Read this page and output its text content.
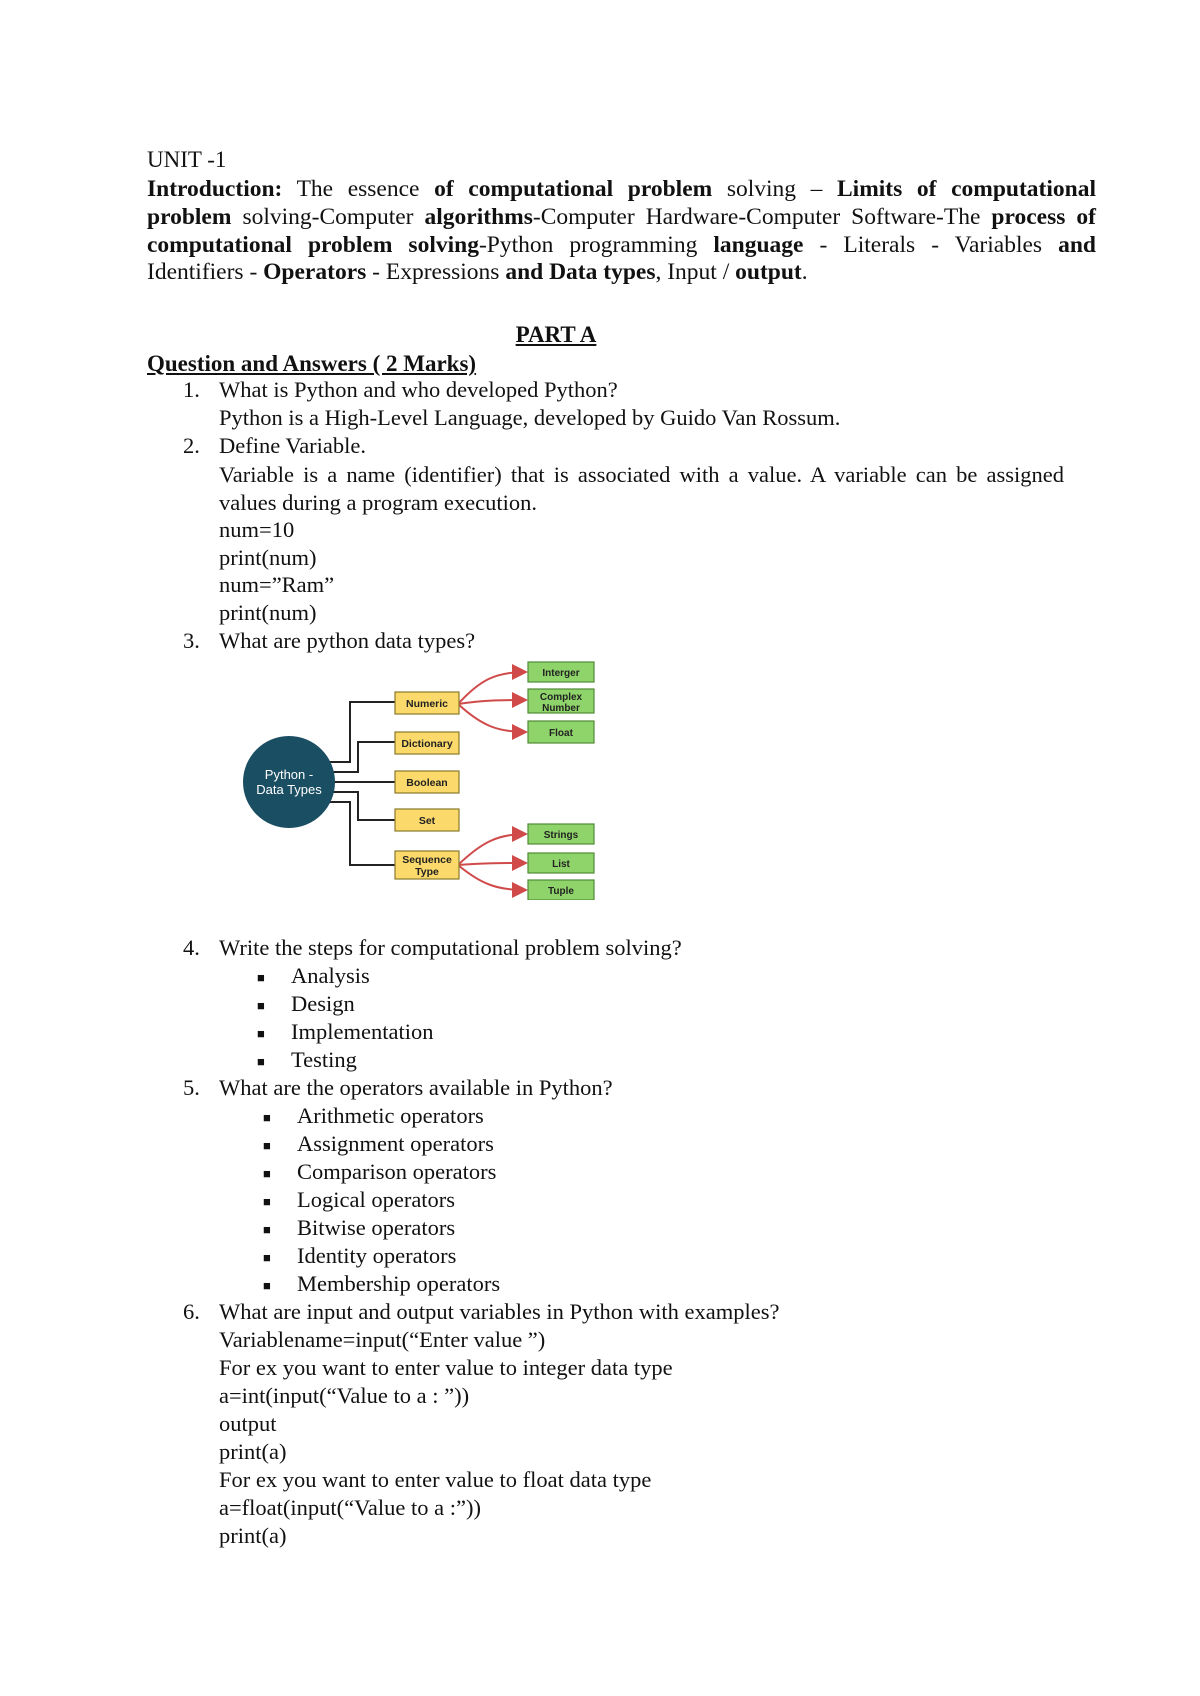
UNIT -1
Introduction: The essence of computational problem solving – Limits of computational problem solving-Computer algorithms-Computer Hardware-Computer Software-The process of computational problem solving-Python programming language - Literals - Variables and Identifiers - Operators - Expressions and Data types, Input / output.
PART A
Question and Answers ( 2 Marks)
1. What is Python and who developed Python?
Python is a High-Level Language, developed by Guido Van Rossum.
2. Define Variable.
Variable is a name (identifier) that is associated with a value. A variable can be assigned values during a program execution.
num=10
print(num)
num=”Ram”
print(num)
3. What are python data types?
Python -
Data Types
Numeric
Dictionary
Boolean
Set
Sequence
Type
Interger
Complex
Number
Float
Strings
List
Tuple
4. Write the steps for computational problem solving?
■ Analysis
■ Design
■ Implementation
■ Testing
5. What are the operators available in Python?
■ Arithmetic operators
■ Assignment operators
■ Comparison operators
■ Logical operators
■ Bitwise operators
■ Identity operators
■ Membership operators
6. What are input and output variables in Python with examples?
Variablename=input(“Enter value ”)
For ex you want to enter value to integer data type
a=int(input(“Value to a : ”))
output
print(a)
For ex you want to enter value to float data type
a=float(input(“Value to a :”))
print(a)
